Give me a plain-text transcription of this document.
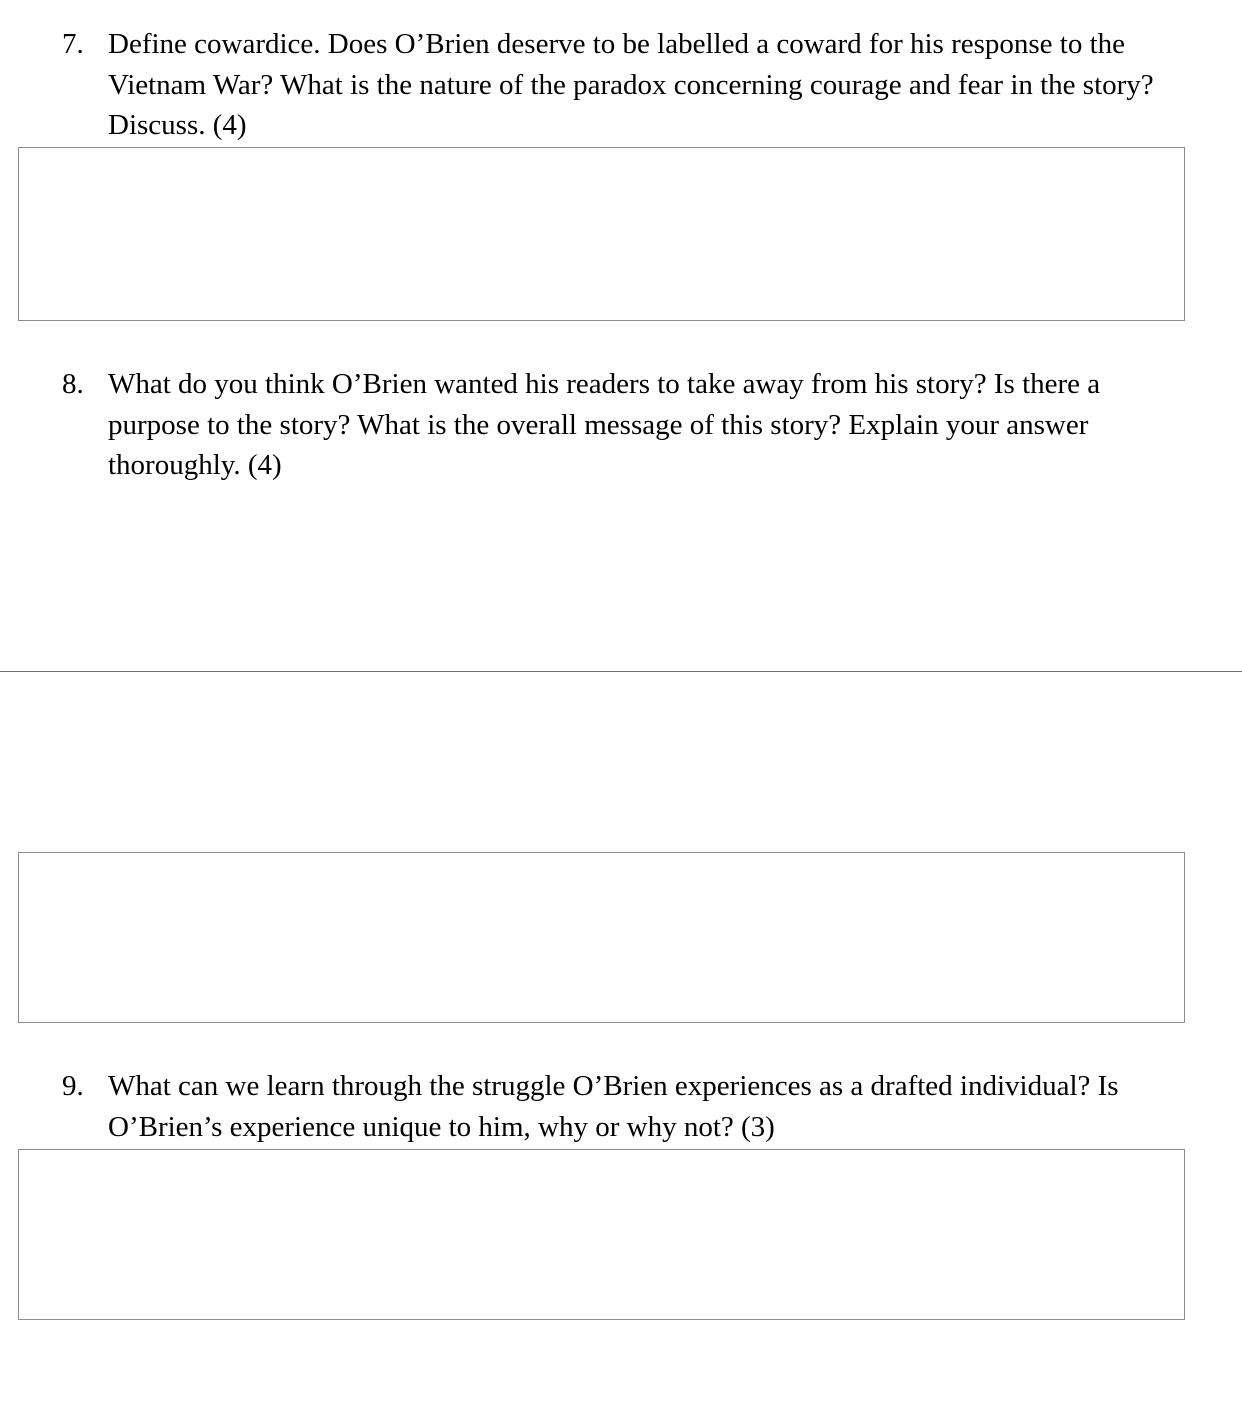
7. Define cowardice. Does O’Brien deserve to be labelled a coward for his response to the Vietnam War? What is the nature of the paradox concerning courage and fear in the story? Discuss. (4)
8. What do you think O’Brien wanted his readers to take away from his story? Is there a purpose to the story? What is the overall message of this story? Explain your answer thoroughly. (4)
9. What can we learn through the struggle O’Brien experiences as a drafted individual? Is O’Brien’s experience unique to him, why or why not? (3)
